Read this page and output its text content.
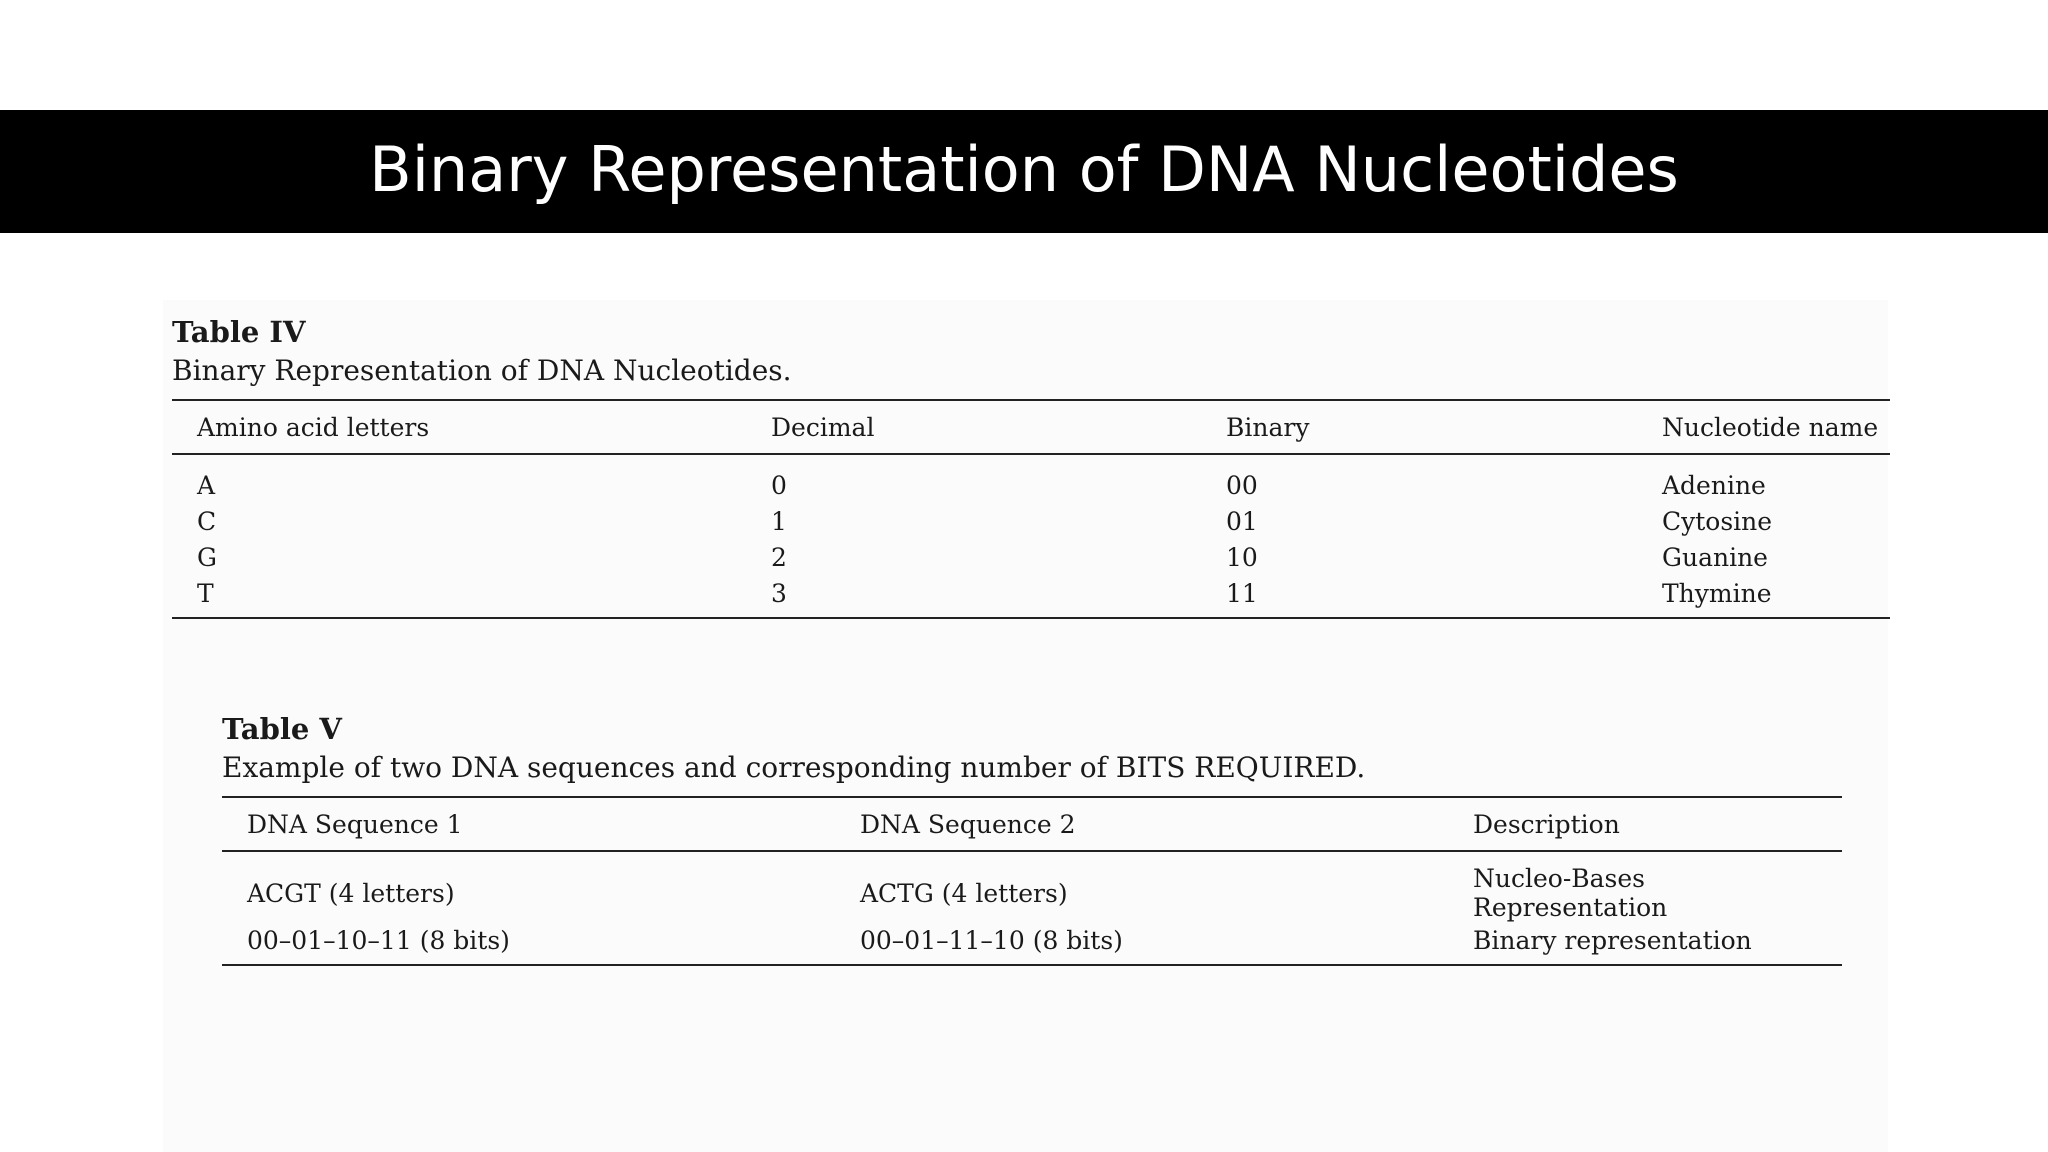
Binary Representation of DNA Nucleotides
Table IV
Binary Representation of DNA Nucleotides.
	Amino acid letters	Decimal	Binary	Nucleotide name
	A	0	00	Adenine
	C	1	01	Cytosine
	G	2	10	Guanine
	T	3	11	Thymine
Table V
Example of two DNA sequences and corresponding number of BITS REQUIRED.
	DNA Sequence 1	DNA Sequence 2	Description
	ACGT (4 letters)	ACTG (4 letters)	Nucleo-Bases Representation
	00–01–10–11 (8 bits)	00–01–11–10 (8 bits)	Binary representation
